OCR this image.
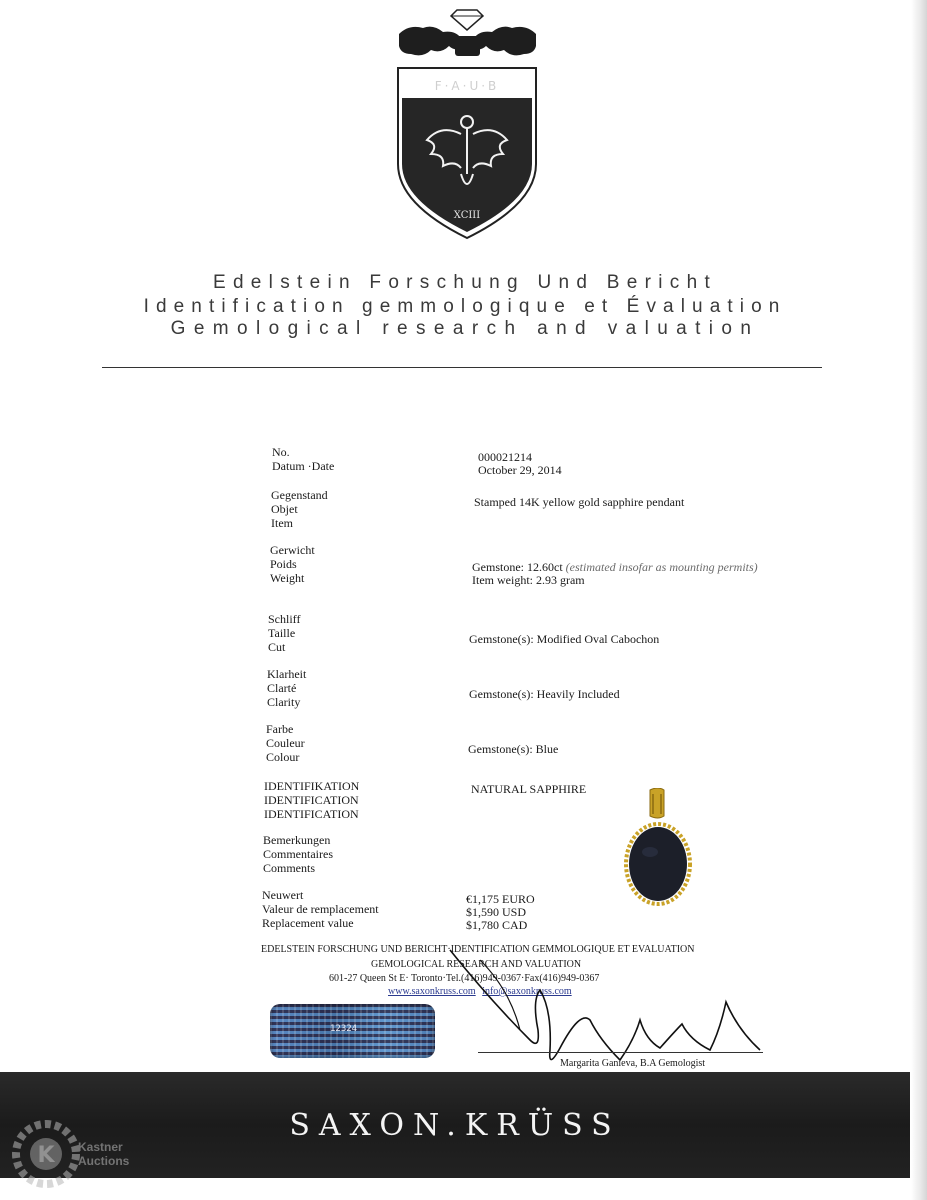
F·A·U·B
XCIII
Edelstein Forschung Und Bericht
Identification gemmologique et Évaluation
Gemological research and valuation
No.
Datum ·Date
000021214
October 29, 2014
Gegenstand
Objet
Item
Stamped 14K yellow gold sapphire pendant
Gerwicht
Poids
Weight
Gemstone: 12.60ct (estimated insofar as mounting permits)
Item weight: 2.93 gram
Schliff
Taille
Cut
Gemstone(s): Modified Oval Cabochon
Klarheit
Clarté
Clarity
Gemstone(s): Heavily Included
Farbe
Couleur
Colour
Gemstone(s): Blue
IDENTIFIKATION
IDENTIFICATION
IDENTIFICATION
NATURAL SAPPHIRE
Bemerkungen
Commentaires
Comments
Neuwert
Valeur de remplacement
Replacement value
€1,175 EURO
$1,590 USD
$1,780 CAD
EDELSTEIN FORSCHUNG UND BERICHT·IDENTIFICATION GEMMOLOGIQUE ET EVALUATION
GEMOLOGICAL RESEARCH AND VALUATION
601-27 Queen St E· Toronto·Tel.(416)949-0367·Fax(416)949-0367
www.saxonkruss.com info@saxonkruss.com
12324
Margarita Ganieva, B.A Gemologist
SAXON.KRÜSS
K Kastner
Auctions
